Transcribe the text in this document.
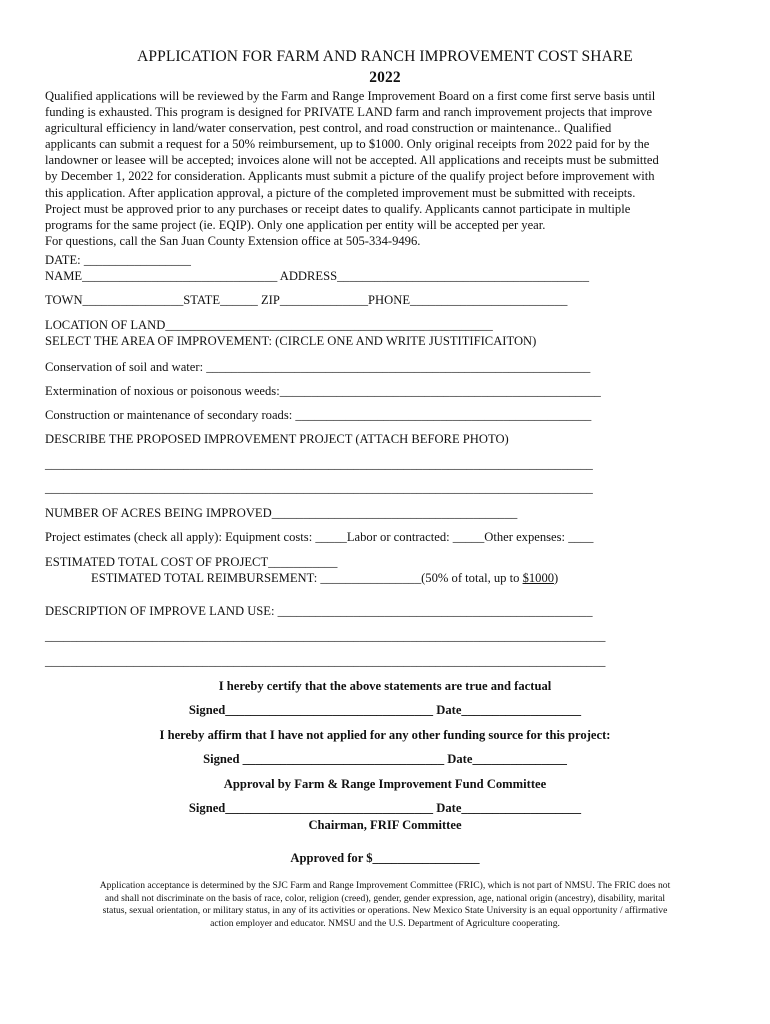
APPLICATION FOR FARM AND RANCH IMPROVEMENT COST SHARE
2022
Qualified applications will be reviewed by the Farm and Range Improvement Board on a first come first serve basis until
funding is exhausted. This program is designed for PRIVATE LAND farm and ranch improvement projects that improve
agricultural efficiency in land/water conservation, pest control, and road construction or maintenance.. Qualified
applicants can submit a request for a 50% reimbursement, up to $1000. Only original receipts from 2022 paid for by the
landowner or leasee will be accepted; invoices alone will not be accepted. All applications and receipts must be submitted
by December 1, 2022 for consideration. Applicants must submit a picture of the qualify project before improvement with
this application. After application approval, a picture of the completed improvement must be submitted with receipts.
Project must be approved prior to any purchases or receipt dates to qualify. Applicants cannot participate in multiple
programs for the same project (ie. EQIP). Only one application per entity will be accepted per year.
For questions, call the San Juan County Extension office at 505-334-9496.
DATE: _________________
NAME_______________________________ ADDRESS________________________________________
TOWN________________STATE______ ZIP______________PHONE_________________________
LOCATION OF LAND____________________________________________________
SELECT THE AREA OF IMPROVEMENT: (CIRCLE ONE AND WRITE JUSTITIFICAITON)
Conservation of soil and water: _____________________________________________________________
Extermination of noxious or poisonous weeds:___________________________________________________
Construction or maintenance of secondary roads: _______________________________________________
DESCRIBE THE PROPOSED IMPROVEMENT PROJECT (ATTACH BEFORE PHOTO)
_______________________________________________________________________________________
_______________________________________________________________________________________
NUMBER OF ACRES BEING IMPROVED_______________________________________
Project estimates (check all apply): Equipment costs: _____Labor or contracted: _____Other expenses: ____
ESTIMATED TOTAL COST OF PROJECT___________
ESTIMATED TOTAL REIMBURSEMENT: ________________(50% of total, up to $1000)
DESCRIPTION OF IMPROVE LAND USE: __________________________________________________
_________________________________________________________________________________________
_________________________________________________________________________________________
I hereby certify that the above statements are true and factual
Signed_________________________________ Date___________________
I hereby affirm that I have not applied for any other funding source for this project:
Signed ________________________________ Date_______________
Approval by Farm & Range Improvement Fund Committee
Signed_________________________________ Date___________________
Chairman, FRIF Committee
Approved for $_________________
Application acceptance is determined by the SJC Farm and Range Improvement Committee (FRIC), which is not part of NMSU. The FRIC does not
and shall not discriminate on the basis of race, color, religion (creed), gender, gender expression, age, national origin (ancestry), disability, marital
status, sexual orientation, or military status, in any of its activities or operations. New Mexico State University is an equal opportunity / affirmative
action employer and educator. NMSU and the U.S. Department of Agriculture cooperating.
